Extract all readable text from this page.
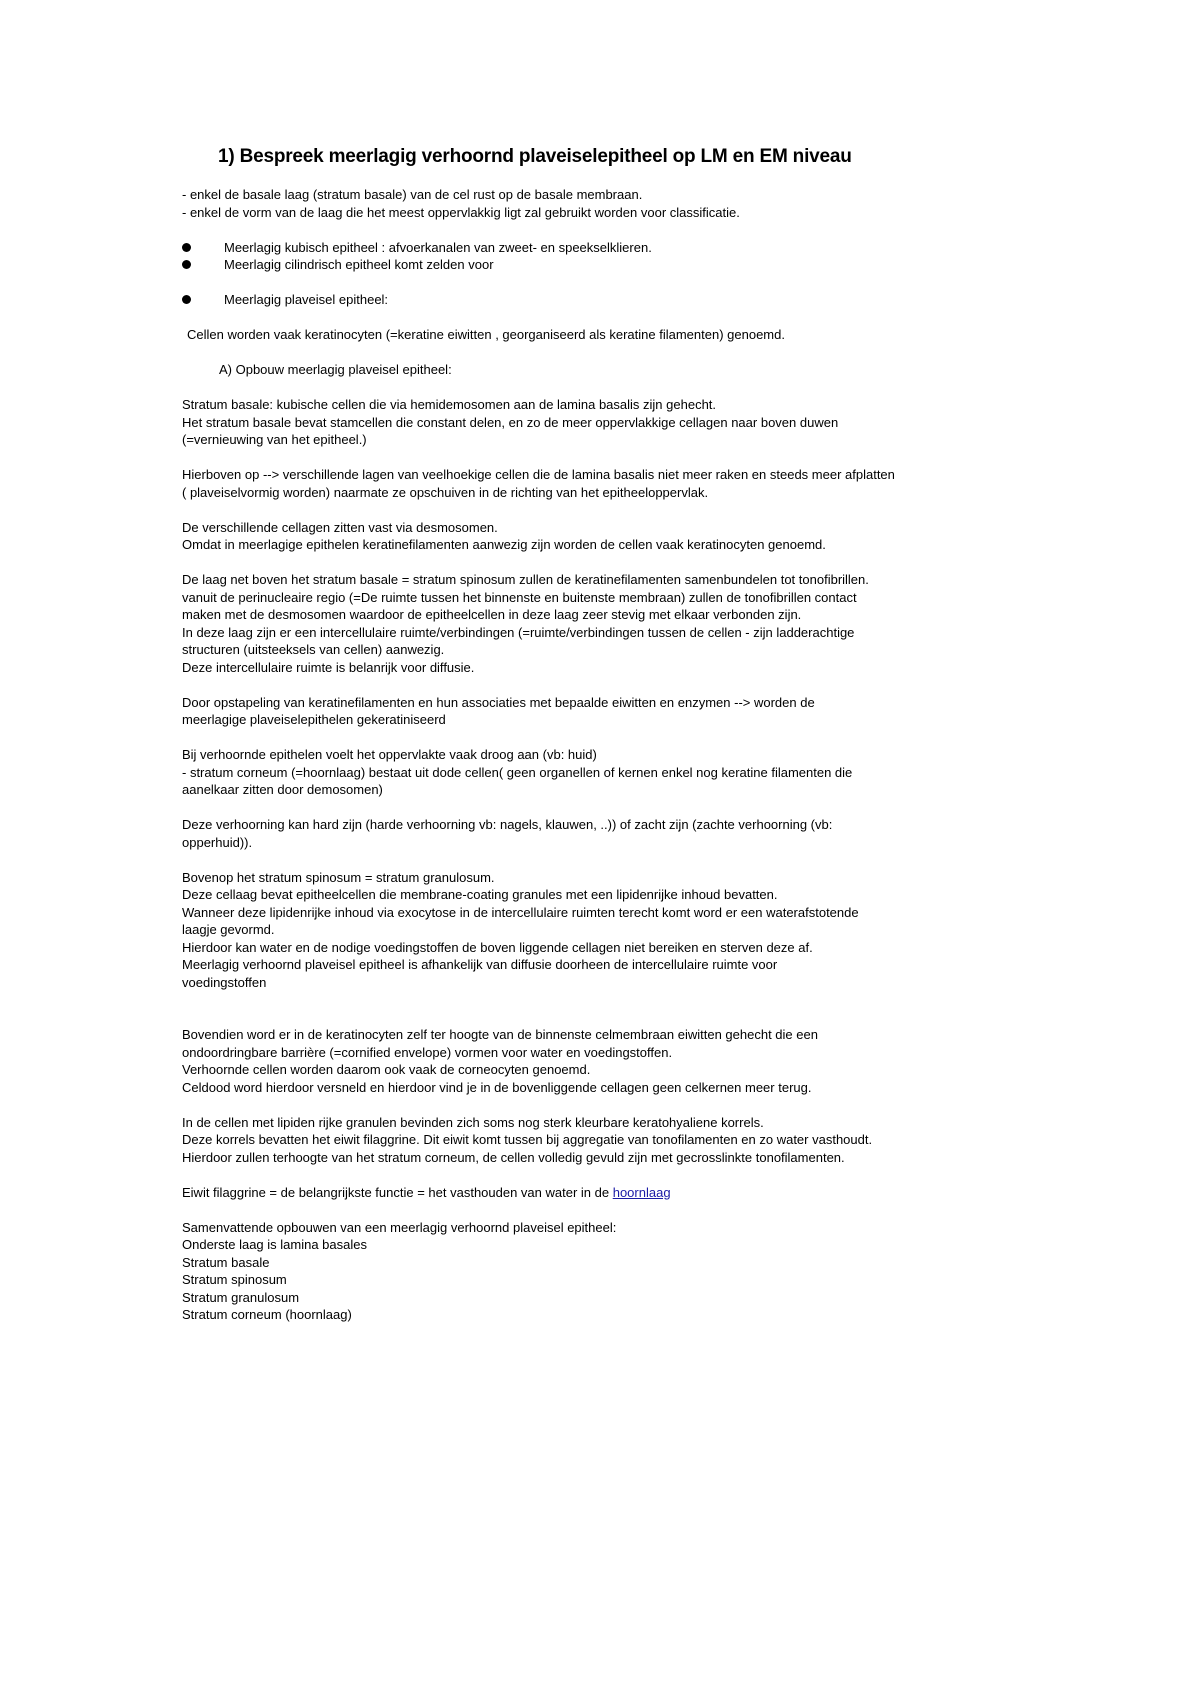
1) Bespreek meerlagig verhoornd plaveiselepitheel op LM en EM niveau
- enkel de basale laag (stratum basale) van de cel rust op de basale membraan.
- enkel de vorm van de laag die het meest oppervlakkig ligt zal gebruikt worden voor classificatie.
Meerlagig kubisch epitheel : afvoerkanalen van zweet- en speekselklieren.
Meerlagig cilindrisch epitheel komt zelden voor
Meerlagig plaveisel epitheel:
Cellen worden vaak keratinocyten (=keratine eiwitten , georganiseerd als keratine filamenten) genoemd.
A) Opbouw meerlagig plaveisel epitheel:
Stratum basale: kubische cellen die via hemidemosomen aan de lamina basalis zijn gehecht.
Het stratum basale bevat stamcellen die constant delen, en zo de meer oppervlakkige cellagen naar boven duwen
(=vernieuwing van het epitheel.)
Hierboven op --> verschillende lagen van veelhoekige cellen die de lamina basalis niet meer raken en steeds meer afplatten
( plaveiselvormig worden) naarmate ze opschuiven in de richting van het epitheeloppervlak.
De verschillende cellagen zitten vast via desmosomen.
Omdat in meerlagige epithelen keratinefilamenten aanwezig zijn worden de cellen vaak keratinocyten genoemd.
De laag net boven het stratum basale = stratum spinosum zullen de keratinefilamenten samenbundelen tot tonofibrillen.
vanuit de perinucleaire regio (=De ruimte tussen het binnenste en buitenste membraan) zullen de tonofibrillen contact
maken met de desmosomen waardoor de epitheelcellen in deze laag zeer stevig met elkaar verbonden zijn.
In deze laag zijn er een intercellulaire ruimte/verbindingen (=ruimte/verbindingen tussen de cellen - zijn ladderachtige
structuren (uitsteeksels van cellen) aanwezig.
Deze intercellulaire ruimte is belanrijk voor diffusie.
Door opstapeling van keratinefilamenten en hun associaties met bepaalde eiwitten en enzymen --> worden de
meerlagige plaveiselepithelen gekeratiniseerd
Bij verhoornde epithelen voelt het oppervlakte vaak droog aan (vb: huid)
- stratum corneum (=hoornlaag) bestaat uit dode cellen( geen organellen of kernen enkel nog keratine filamenten die
aanelkaar zitten door demosomen)
Deze verhoorning kan hard zijn (harde verhoorning vb: nagels, klauwen, ..)) of zacht zijn (zachte verhoorning (vb:
opperhuid)).
Bovenop het stratum spinosum = stratum granulosum.
Deze cellaag bevat epitheelcellen die membrane-coating granules met een lipidenrijke inhoud bevatten.
Wanneer deze lipidenrijke inhoud via exocytose in de intercellulaire ruimten terecht komt word er een waterafstotende
laagje gevormd.
Hierdoor kan water en de nodige voedingstoffen de boven liggende cellagen niet bereiken en sterven deze af.
Meerlagig verhoornd plaveisel epitheel is afhankelijk van diffusie doorheen de intercellulaire ruimte voor
voedingstoffen
Bovendien word er in de keratinocyten zelf ter hoogte van de binnenste celmembraan eiwitten gehecht die een
ondoordringbare barrière (=cornified envelope) vormen voor water en voedingstoffen.
Verhoornde cellen worden daarom ook vaak de corneocyten genoemd.
Celdood word hierdoor versneld en hierdoor vind je in de bovenliggende cellagen geen celkernen meer terug.
In de cellen met lipiden rijke granulen bevinden zich soms nog sterk kleurbare keratohyaliene korrels.
Deze korrels bevatten het eiwit filaggrine. Dit eiwit komt tussen bij aggregatie van tonofilamenten en zo water vasthoudt.
Hierdoor zullen terhoogte van het stratum corneum, de cellen volledig gevuld zijn met gecrosslinkte tonofilamenten.
Eiwit filaggrine = de belangrijkste functie = het vasthouden van water in de hoornlaag
Samenvattende opbouwen van een meerlagig verhoornd plaveisel epitheel:
Onderste laag is lamina basales
Stratum basale
Stratum spinosum
Stratum granulosum
Stratum corneum (hoornlaag)
